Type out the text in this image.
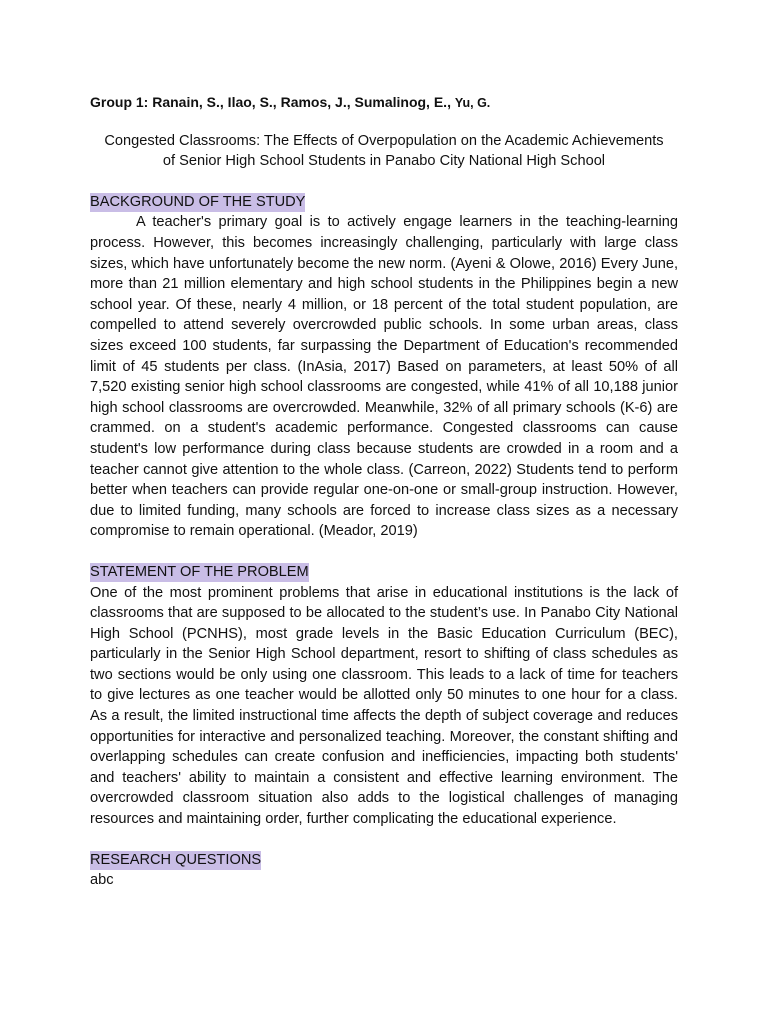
Group 1: Ranain, S., Ilao, S., Ramos, J., Sumalinog, E., Yu, G.

Congested Classrooms: The Effects of Overpopulation on the Academic Achievements
of Senior High School Students in Panabo City National High School
BACKGROUND OF THE STUDY

A teacher's primary goal is to actively engage learners in the teaching-learning process. However, this becomes increasingly challenging, particularly with large class sizes, which have unfortunately become the new norm. (Ayeni & Olowe, 2016) Every June, more than 21 million elementary and high school students in the Philippines begin a new school year. Of these, nearly 4 million, or 18 percent of the total student population, are compelled to attend severely overcrowded public schools. In some urban areas, class sizes exceed 100 students, far surpassing the Department of Education's recommended limit of 45 students per class. (InAsia, 2017) Based on parameters, at least 50% of all 7,520 existing senior high school classrooms are congested, while 41% of all 10,188 junior high school classrooms are overcrowded. Meanwhile, 32% of all primary schools (K-6) are crammed. on a student's academic performance. Congested classrooms can cause student's low performance during class because students are crowded in a room and a teacher cannot give attention to the whole class. (Carreon, 2022) Students tend to perform better when teachers can provide regular one-on-one or small-group instruction. However, due to limited funding, many schools are forced to increase class sizes as a necessary compromise to remain operational. (Meador, 2019)

STATEMENT OF THE PROBLEM

One of the most prominent problems that arise in educational institutions is the lack of classrooms that are supposed to be allocated to the student’s use. In Panabo City National High School (PCNHS), most grade levels in the Basic Education Curriculum (BEC), particularly in the Senior High School department, resort to shifting of class schedules as two sections would be only using one classroom. This leads to a lack of time for teachers to give lectures as one teacher would be allotted only 50 minutes to one hour for a class. As a result, the limited instructional time affects the depth of subject coverage and reduces opportunities for interactive and personalized teaching. Moreover, the constant shifting and overlapping schedules can create confusion and inefficiencies, impacting both students' and teachers' ability to maintain a consistent and effective learning environment. The overcrowded classroom situation also adds to the logistical challenges of managing resources and maintaining order, further complicating the educational experience.

RESEARCH QUESTIONS

abc
